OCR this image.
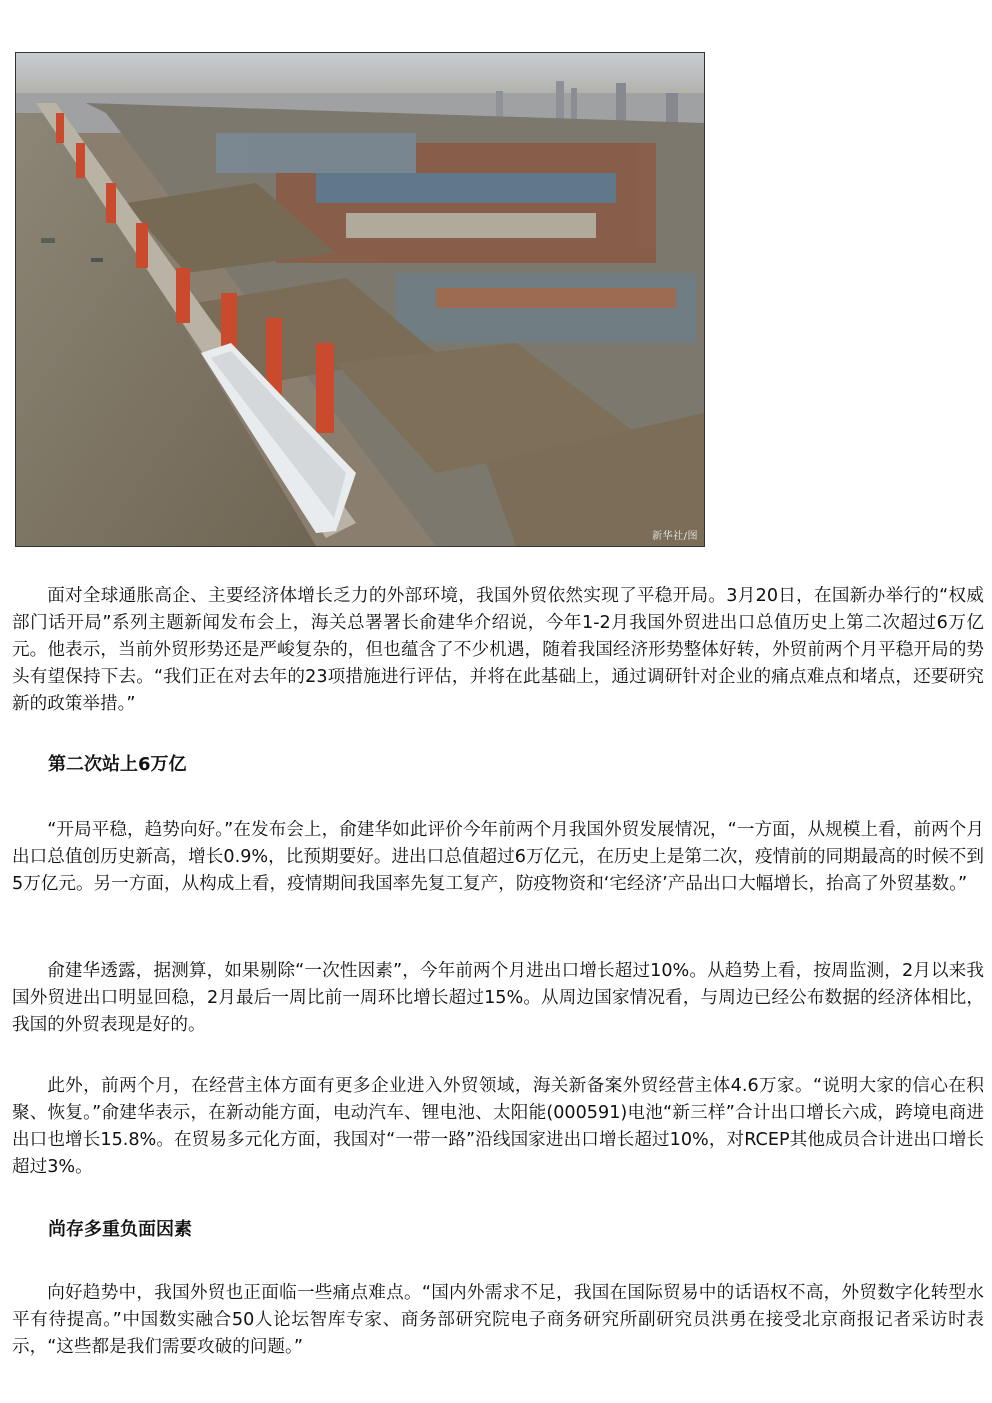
新华社/图

面对全球通胀高企、主要经济体增长乏力的外部环境，我国外贸依然实现了平稳开局。3月20日，在国新办举行的“权威部门话开局”系列主题新闻发布会上，海关总署署长俞建华介绍说，今年1-2月我国外贸进出口总值历史上第二次超过6万亿元。他表示，当前外贸形势还是严峻复杂的，但也蕴含了不少机遇，随着我国经济形势整体好转，外贸前两个月平稳开局的势头有望保持下去。“我们正在对去年的23项措施进行评估，并将在此基础上，通过调研针对企业的痛点难点和堵点，还要研究新的政策举措。”

第二次站上6万亿

“开局平稳，趋势向好。”在发布会上，俞建华如此评价今年前两个月我国外贸发展情况，“一方面，从规模上看，前两个月出口总值创历史新高，增长0.9%，比预期要好。进出口总值超过6万亿元，在历史上是第二次，疫情前的同期最高的时候不到5万亿元。另一方面，从构成上看，疫情期间我国率先复工复产，防疫物资和‘宅经济’产品出口大幅增长，抬高了外贸基数。”

俞建华透露，据测算，如果剔除“一次性因素”，今年前两个月进出口增长超过10%。从趋势上看，按周监测，2月以来我国外贸进出口明显回稳，2月最后一周比前一周环比增长超过15%。从周边国家情况看，与周边已经公布数据的经济体相比，我国的外贸表现是好的。

此外，前两个月，在经营主体方面有更多企业进入外贸领域，海关新备案外贸经营主体4.6万家。“说明大家的信心在积聚、恢复。”俞建华表示，在新动能方面，电动汽车、锂电池、太阳能(000591)电池“新三样”合计出口增长六成，跨境电商进出口也增长15.8%。在贸易多元化方面，我国对“一带一路”沿线国家进出口增长超过10%，对RCEP其他成员合计进出口增长超过3%。

尚存多重负面因素

向好趋势中，我国外贸也正面临一些痛点难点。“国内外需求不足，我国在国际贸易中的话语权不高，外贸数字化转型水平有待提高。”中国数实融合50人论坛智库专家、商务部研究院电子商务研究所副研究员洪勇在接受北京商报记者采访时表示，“这些都是我们需要攻破的问题。”
